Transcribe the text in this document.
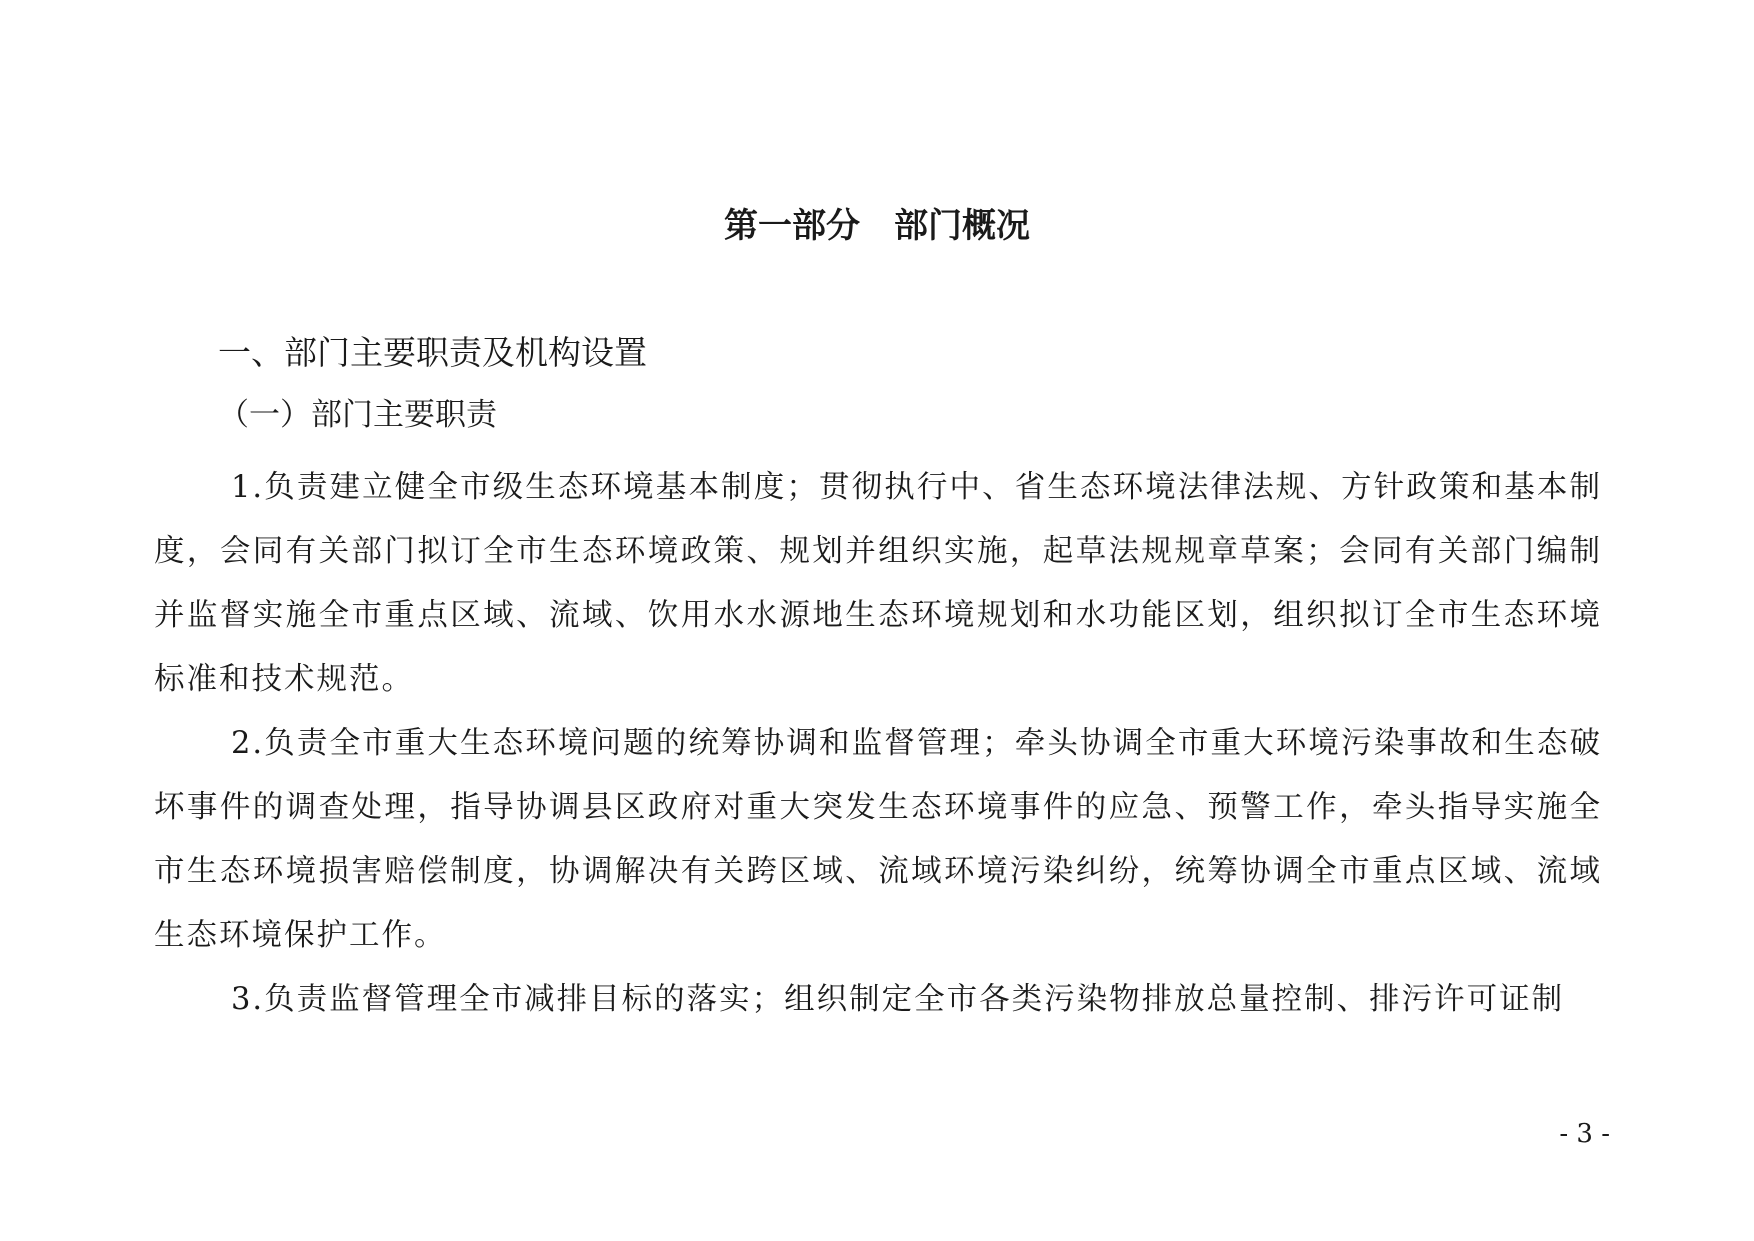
第一部分　部门概况
一、部门主要职责及机构设置
（一）部门主要职责

1.负责建立健全市级生态环境基本制度；贯彻执行中、省生态环境法律法规、方针政策和基本制度，会同有关部门拟订全市生态环境政策、规划并组织实施，起草法规规章草案；会同有关部门编制并监督实施全市重点区域、流域、饮用水水源地生态环境规划和水功能区划，组织拟订全市生态环境标准和技术规范。

2.负责全市重大生态环境问题的统筹协调和监督管理；牵头协调全市重大环境污染事故和生态破坏事件的调查处理，指导协调县区政府对重大突发生态环境事件的应急、预警工作，牵头指导实施全市生态环境损害赔偿制度，协调解决有关跨区域、流域环境污染纠纷，统筹协调全市重点区域、流域生态环境保护工作。

3.负责监督管理全市减排目标的落实；组织制定全市各类污染物排放总量控制、排污许可证制

- 3 -
